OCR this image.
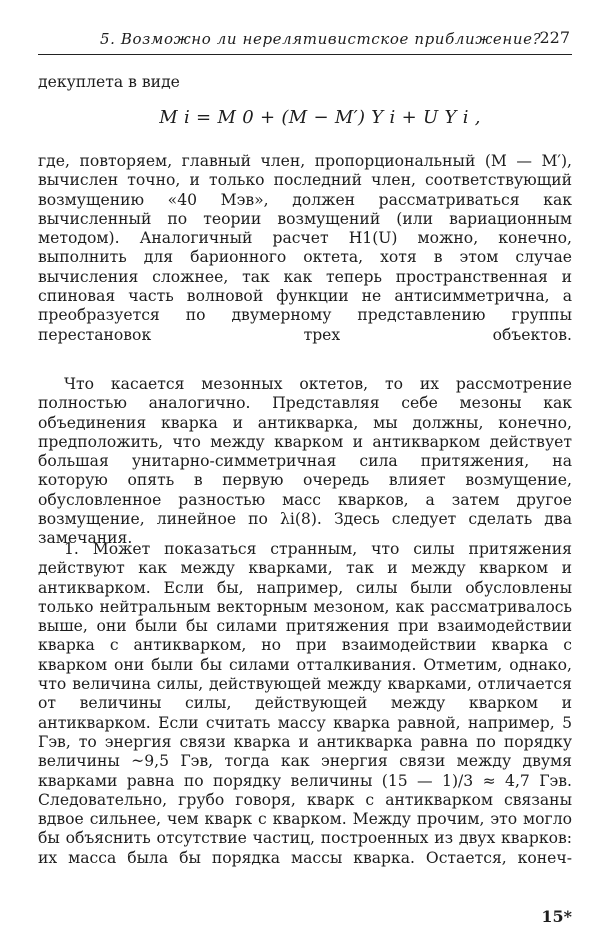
5. Возможно ли нерелятивистское приближение?
227
декуплета в виде
M i = M 0 + (M − M′) Y i + U Y i ,
где, повторяем, главный член, пропорциональный (M — M′), вычислен точно, и только последний член, соответствующий возмущению «40 Мэв», должен рассматриваться как вычисленный по теории возмущений (или вариационным методом). Аналогичный расчет H1(U) можно, конечно, выполнить для барионного октета, хотя в этом случае вычисления сложнее, так как теперь пространственная и спиновая часть волновой функции не антисимметрична, а преобразуется по двумерному представлению группы перестановок трех объектов.
Что касается мезонных октетов, то их рассмотрение полностью аналогично. Представляя себе мезоны как объединения кварка и антикварка, мы должны, конечно, предположить, что между кварком и антикварком действует большая унитарно-симметричная сила притяжения, на которую опять в первую очередь влияет возмущение, обусловленное разностью масс кварков, а затем другое возмущение, линейное по λi(8). Здесь следует сделать два замечания.
1. Может показаться странным, что силы притяжения действуют как между кварками, так и между кварком и антикварком. Если бы, например, силы были обусловлены только нейтральным векторным мезоном, как рассматривалось выше, они были бы силами притяжения при взаимодействии кварка с антикварком, но при взаимодействии кварка с кварком они были бы силами отталкивания. Отметим, однако, что величина силы, действующей между кварками, отличается от величины силы, действующей между кварком и антикварком. Если считать массу кварка равной, например, 5 Гэв, то энергия связи кварка и антикварка равна по порядку величины ~9,5 Гэв, тогда как энергия связи между двумя кварками равна по порядку величины (15 — 1)/3 ≈ 4,7 Гэв. Следовательно, грубо говоря, кварк с антикварком связаны вдвое сильнее, чем кварк с кварком. Между прочим, это могло бы объяснить отсутствие частиц, построенных из двух кварков: их масса была бы порядка массы кварка. Остается, конеч-
15*
